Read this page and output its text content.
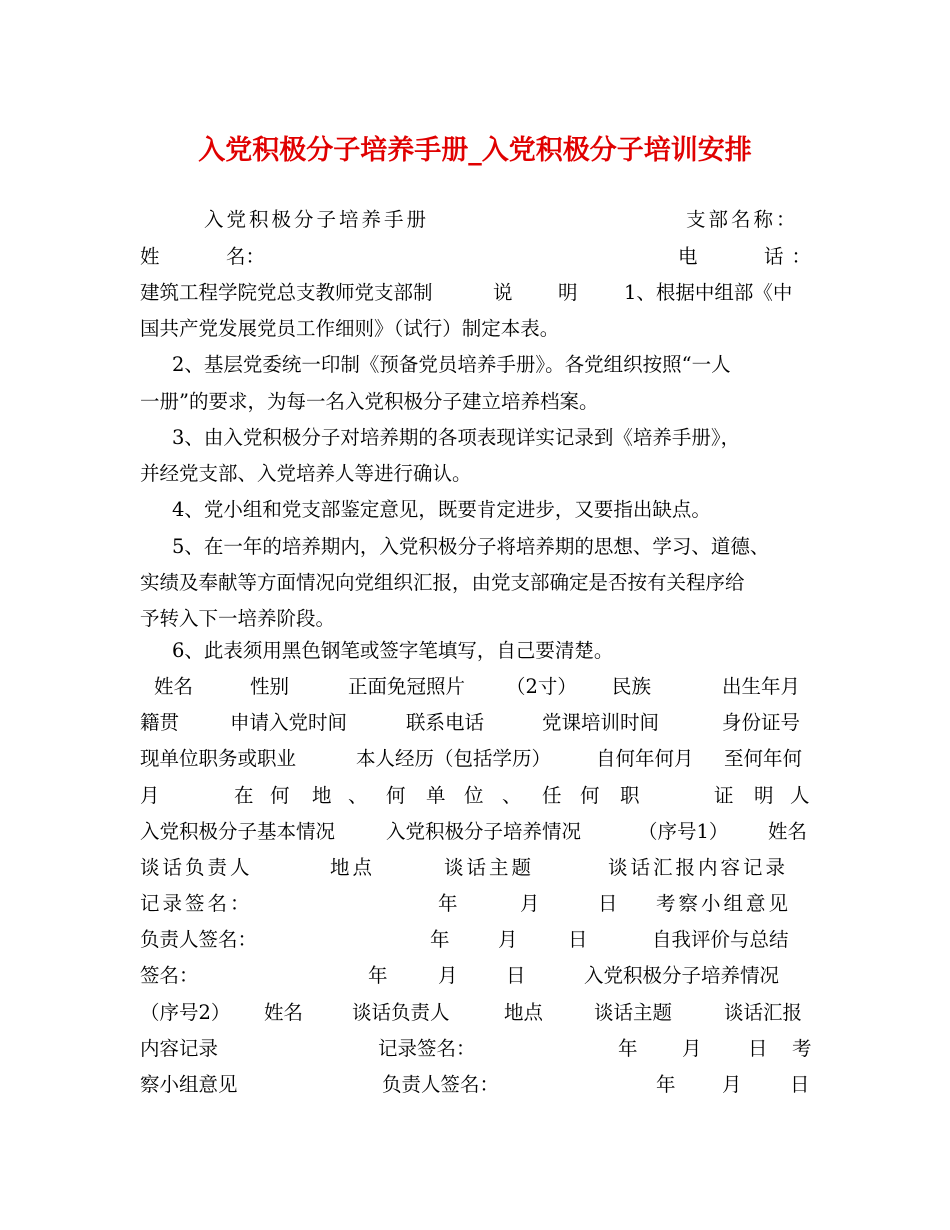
入党积极分子培养手册_入党积极分子培训安排
入党积极分子培养手册	支部名称：
姓	名：	电	话：
建筑工程学院党总支教师党支部制	说 明 1、根据中组部《中
国共产党发展党员工作细则》（试行）制定本表。
2、基层党委统一印制《预备党员培养手册》。各党组织按照“一人
一册”的要求，为每一名入党积极分子建立培养档案。
3、由入党积极分子对培养期的各项表现详实记录到《培养手册》，
并经党支部、入党培养人等进行确认。
4、党小组和党支部鉴定意见，既要肯定进步，又要指出缺点。
5、在一年的培养期内，入党积极分子将培养期的思想、学习、道德、
实绩及奉献等方面情况向党组织汇报，由党支部确定是否按有关程序给
予转入下一培养阶段。
6、此表须用黑色钢笔或签字笔填写，自己要清楚。
姓名	性别	正面免冠照片 （2寸） 民族	出生年月
籍贯	申请入党时间	联系电话	党课培训时间	身份证号
现单位职务或职业	本人经历（包括学历） 自何年何月 至何年何
月	在 何 地 、 何 单 位 、 任 何 职	证 明 人
入党积极分子基本情况	入党积极分子培养情况	（序号1） 姓名
谈话负责人	地点	谈话主题	谈话汇报内容记录
记录签名：	年	月	日 考察小组意见
负责人签名：	年 月	日	自我评价与总结
签名：	年	月 日	入党积极分子培养情况
（序号2） 姓名	谈话负责人	地点	谈话主题	谈话汇报
内容记录	记录签名：	年 月 日 考
察小组意见	负责人签名：	年 月 日
